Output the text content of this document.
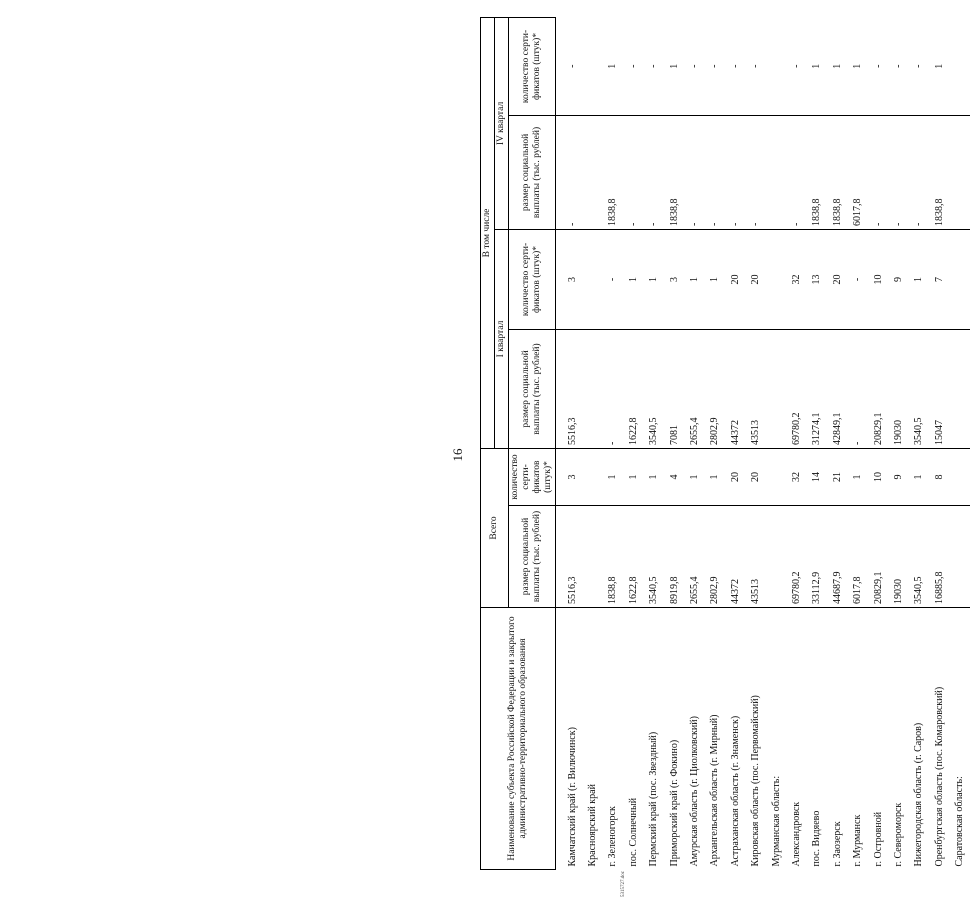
16
Наименование субъекта Российской Федерации и закрытого административно-территориального образования	Всего		В том числе			
			I квартал		IV квартал	
	размер социальной выплаты (тыс. рублей)	количество серти-фикатов (штук)*	размер социальной выплаты (тыс. рублей)	количество серти-фикатов (штук)*	размер социальной выплаты (тыс. рублей)	количество серти-фикатов (штук)*
Камчатский край (г. Вилючинск)	5516,3	3	5516,3	3	-	-
Красноярский край						
г. Зеленогорск	1838,8	1	-	-	1838,8	1
пос. Солнечный	1622,8	1	1622,8	1	-	-
Пермский край (пос. Звездный)	3540,5	1	3540,5	1	-	-
Приморский край (г. Фокино)	8919,8	4	7081	3	1838,8	1
Амурская область (г. Циолковский)	2655,4	1	2655,4	1	-	-
Архангельская область (г. Мирный)	2802,9	1	2802,9	1	-	-
Астраханская область (г. Знаменск)	44372	20	44372	20	-	-
Кировская область (пос. Первомайский)	43513	20	43513	20	-	-
Мурманская область:						
Александровск	69780,2	32	69780,2	32	-	-
пос. Видяево	33112,9	14	31274,1	13	1838,8	1
г. Заозерск	44687,9	21	42849,1	20	1838,8	1
г. Мурманск	6017,8	1	-	-	6017,8	1
г. Островной	20829,1	10	20829,1	10	-	-
г. Североморск	19030	9	19030	9	-	-
Нижегородская область (г. Саров)	3540,5	1	3540,5	1	-	-
Оренбургская область (пос. Комаровский)	16885,8	8	15047	7	1838,8	1
Саратовская область:						
5315727.doc
